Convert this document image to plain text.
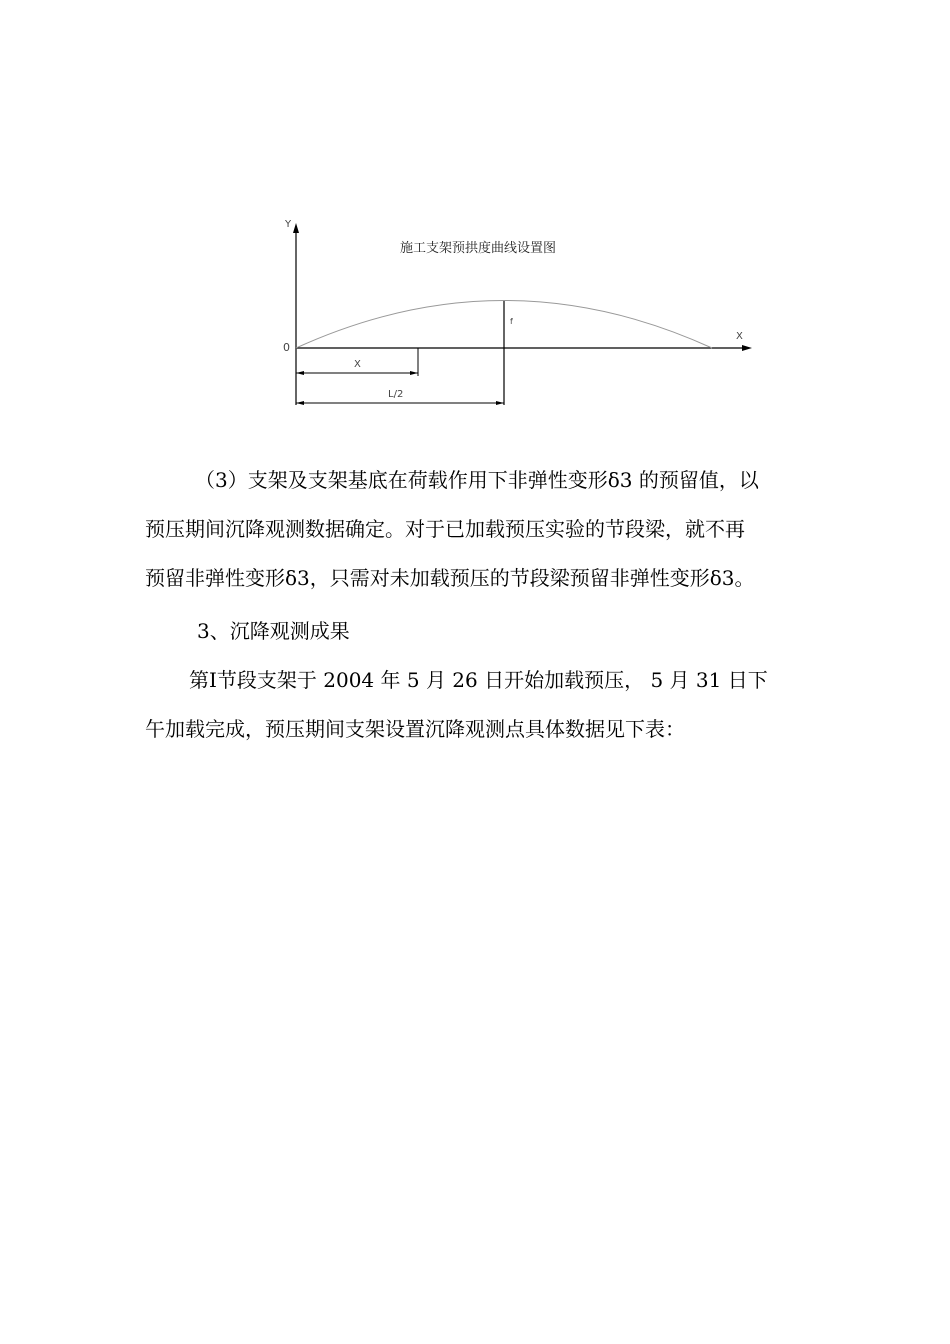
施工支架预拱度曲线设置图
Y
X
0
X
L/2
f
（3）支架及支架基底在荷载作用下非弹性变形δ3 的预留值，以
预压期间沉降观测数据确定。对于已加载预压实验的节段梁，就不再
预留非弹性变形δ3，只需对未加载预压的节段梁预留非弹性变形δ3。
3、沉降观测成果
第Ⅰ节段支架于 2004 年 5 月 26 日开始加载预压， 5 月 31 日下
午加载完成，预压期间支架设置沉降观测点具体数据见下表：
